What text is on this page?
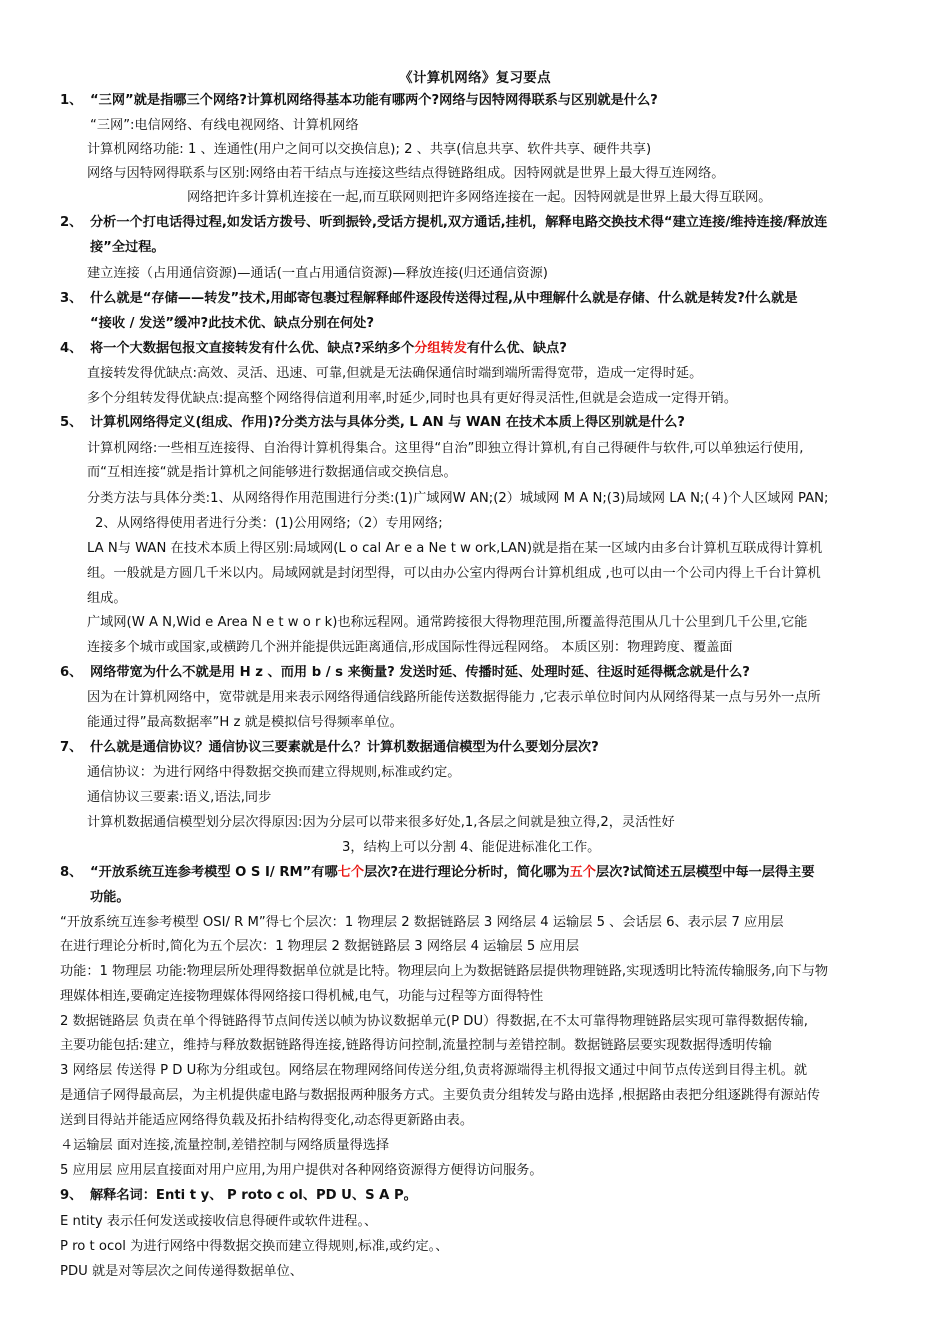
《计算机网络》复习要点
1、 “三网”就是指哪三个网络?计算机网络得基本功能有哪两个?网络与因特网得联系与区别就是什么?
“三网”:电信网络、有线电视网络、计算机网络
计算机网络功能: 1 、连通性(用户之间可以交换信息); 2 、共享(信息共享、软件共享、硬件共享)
网络与因特网得联系与区别:网络由若干结点与连接这些结点得链路组成。因特网就是世界上最大得互连网络。
网络把许多计算机连接在一起,而互联网则把许多网络连接在一起。因特网就是世界上最大得互联网。
2、 分析一个打电话得过程,如发话方拨号、听到振铃,受话方提机,双方通话,挂机，解释电路交换技术得“建立连接/维持连接/释放连
接”全过程。
建立连接（占用通信资源)—通话(一直占用通信资源)—释放连接(归还通信资源)
3、 什么就是“存储——转发”技术,用邮寄包裹过程解释邮件逐段传送得过程,从中理解什么就是存储、什么就是转发?什么就是
“接收 / 发送”缓冲?此技术优、缺点分别在何处?
4、 将一个大数据包报文直接转发有什么优、缺点?采纳多个分组转发有什么优、缺点?
直接转发得优缺点:高效、灵活、迅速、可靠,但就是无法确保通信时端到端所需得宽带，造成一定得时延。
多个分组转发得优缺点:提高整个网络得信道利用率,时延少,同时也具有更好得灵活性,但就是会造成一定得开销。
5、 计算机网络得定义(组成、作用)?分类方法与具体分类, L AN 与 WAN 在技术本质上得区别就是什么?
计算机网络:一些相互连接得、自治得计算机得集合。这里得“自治”即独立得计算机,有自己得硬件与软件,可以单独运行使用,
而“互相连接“就是指计算机之间能够进行数据通信或交换信息。
分类方法与具体分类:1、从网络得作用范围进行分类:(1)广域网W AN;(2）城域网 M A N;(3)局域网 LA N;(４)个人区域网 PAN;
2、从网络得使用者进行分类：(1)公用网络;（2）专用网络;
LA N与 WAN 在技术本质上得区别:局域网(L o cal Ar e a Ne t w ork,LAN)就是指在某一区域内由多台计算机互联成得计算机
组。一般就是方圆几千米以内。局域网就是封闭型得，可以由办公室内得两台计算机组成 ,也可以由一个公司内得上千台计算机
组成。
广域网(W A N,Wid e Area N e t w o r k)也称远程网。通常跨接很大得物理范围,所覆盖得范围从几十公里到几千公里,它能
连接多个城市或国家,或横跨几个洲并能提供远距离通信,形成国际性得远程网络。 本质区别：物理跨度、覆盖面
6、 网络带宽为什么不就是用 H z 、而用 b / s 来衡量? 发送时延、传播时延、处理时延、往返时延得概念就是什么?
因为在计算机网络中，宽带就是用来表示网络得通信线路所能传送数据得能力 ,它表示单位时间内从网络得某一点与另外一点所
能通过得”最高数据率”H z 就是模拟信号得频率单位。
7、 什么就是通信协议？通信协议三要素就是什么？计算机数据通信模型为什么要划分层次?
通信协议：为进行网络中得数据交换而建立得规则,标准或约定。
通信协议三要素:语义,语法,同步
计算机数据通信模型划分层次得原因:因为分层可以带来很多好处,1,各层之间就是独立得,2，灵活性好
3，结构上可以分割 4、能促进标准化工作。
8、 “开放系统互连参考模型 O S I/ RM”有哪七个层次?在进行理论分析时，简化哪为五个层次?试简述五层模型中每一层得主要
功能。
“开放系统互连参考模型 OSI/ R M”得七个层次：1 物理层 2 数据链路层 3 网络层 4 运输层 5 、会话层 6、表示层 7 应用层
在进行理论分析时,简化为五个层次：1 物理层 2 数据链路层 3 网络层 4 运输层 5 应用层
功能：1 物理层 功能:物理层所处理得数据单位就是比特。物理层向上为数据链路层提供物理链路,实现透明比特流传输服务,向下与物
理媒体相连,要确定连接物理媒体得网络接口得机械,电气，功能与过程等方面得特性
2 数据链路层 负责在单个得链路得节点间传送以帧为协议数据单元(P DU）得数据,在不太可靠得物理链路层实现可靠得数据传输,
主要功能包括:建立，维持与释放数据链路得连接,链路得访问控制,流量控制与差错控制。数据链路层要实现数据得透明传输
3 网络层 传送得 P D U称为分组或包。网络层在物理网络间传送分组,负责将源端得主机得报文通过中间节点传送到目得主机。就
是通信子网得最高层，为主机提供虚电路与数据报两种服务方式。主要负责分组转发与路由选择 ,根据路由表把分组逐跳得有源站传
送到目得站并能适应网络得负载及拓扑结构得变化,动态得更新路由表。
４运输层 面对连接,流量控制,差错控制与网络质量得选择
5 应用层 应用层直接面对用户应用,为用户提供对各种网络资源得方便得访问服务。
9、 解释名词：Enti t y、 P roto c ol、PD U、S A P。
E ntity 表示任何发送或接收信息得硬件或软件进程。、
P ro t ocol 为进行网络中得数据交换而建立得规则,标准,或约定。、
PDU 就是对等层次之间传递得数据单位、
